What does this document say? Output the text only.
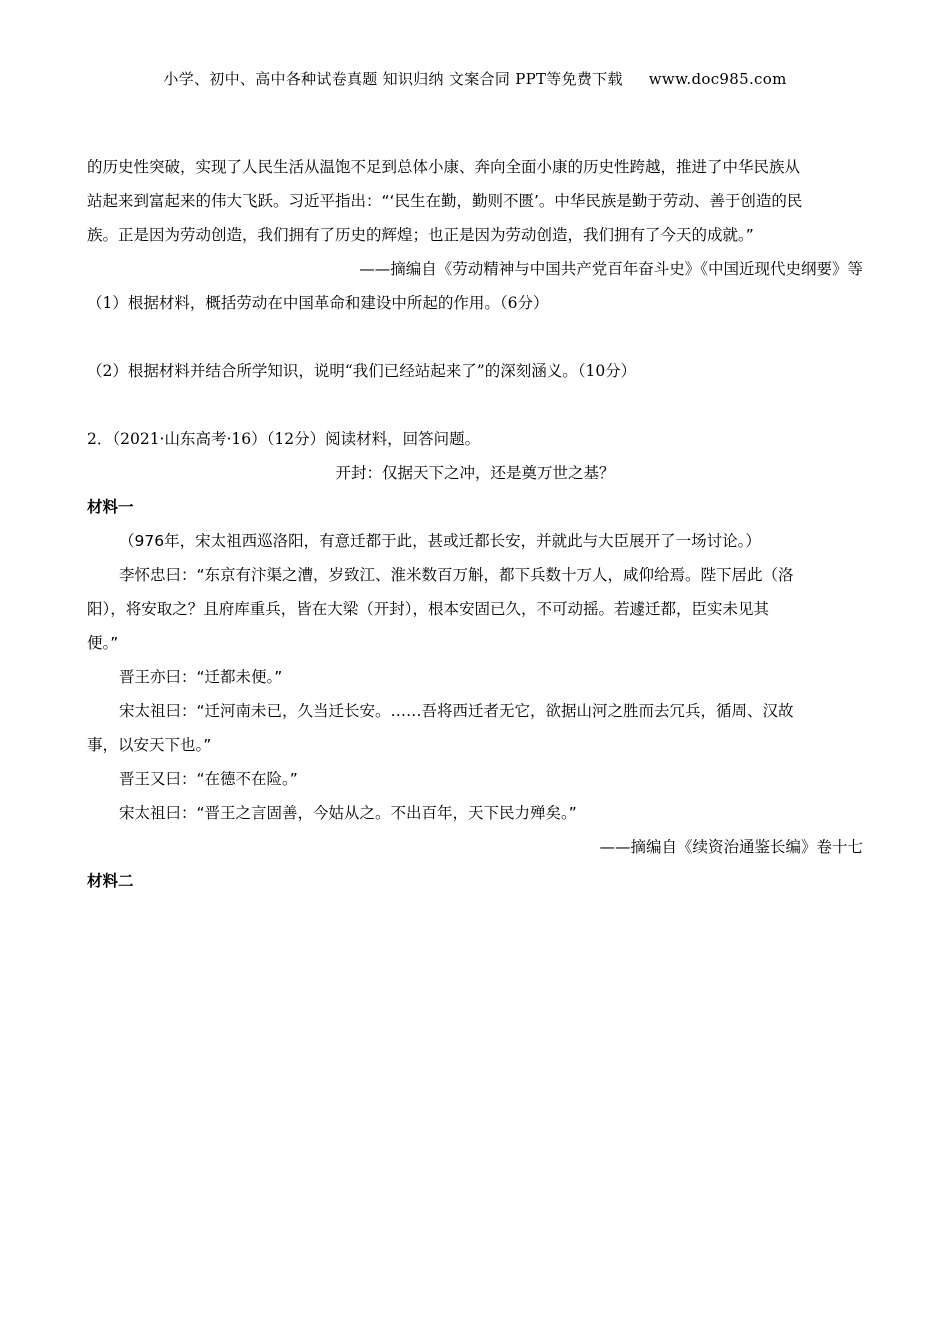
小学、初中、高中各种试卷真题 知识归纳 文案合同 PPT等免费下载 www.doc985.com

的历史性突破，实现了人民生活从温饱不足到总体小康、奔向全面小康的历史性跨越，推进了中华民族从

站起来到富起来的伟大飞跃。习近平指出：“‘民生在勤，勤则不匮’。中华民族是勤于劳动、善于创造的民

族。正是因为劳动创造，我们拥有了历史的辉煌；也正是因为劳动创造，我们拥有了今天的成就。”

——摘编自《劳动精神与中国共产党百年奋斗史》《中国近现代史纲要》等
（1）根据材料，概括劳动在中国革命和建设中所起的作用。（6分）
（2）根据材料并结合所学知识，说明“我们已经站起来了”的深刻涵义。（10分）
2．（2021·山东高考·16）（12分）阅读材料，回答问题。
开封：仅据天下之冲，还是奠万世之基？
材料一

（976年，宋太祖西巡洛阳，有意迁都于此，甚或迁都长安，并就此与大臣展开了一场讨论。）

李怀忠曰：“东京有汴渠之漕，岁致江、淮米数百万斛，都下兵数十万人，咸仰给焉。陛下居此（洛

阳），将安取之？且府库重兵，皆在大梁（开封），根本安固已久，不可动摇。若遽迁都，臣实未见其

便。”

晋王亦曰：“迁都未便。”

宋太祖曰：“迁河南未已，久当迁长安。……吾将西迁者无它，欲据山河之胜而去冗兵，循周、汉故

事，以安天下也。”

晋王又曰：“在德不在险。”

宋太祖曰：“晋王之言固善，今姑从之。不出百年，天下民力殚矣。”

——摘编自《续资治通鉴长编》卷十七
材料二
